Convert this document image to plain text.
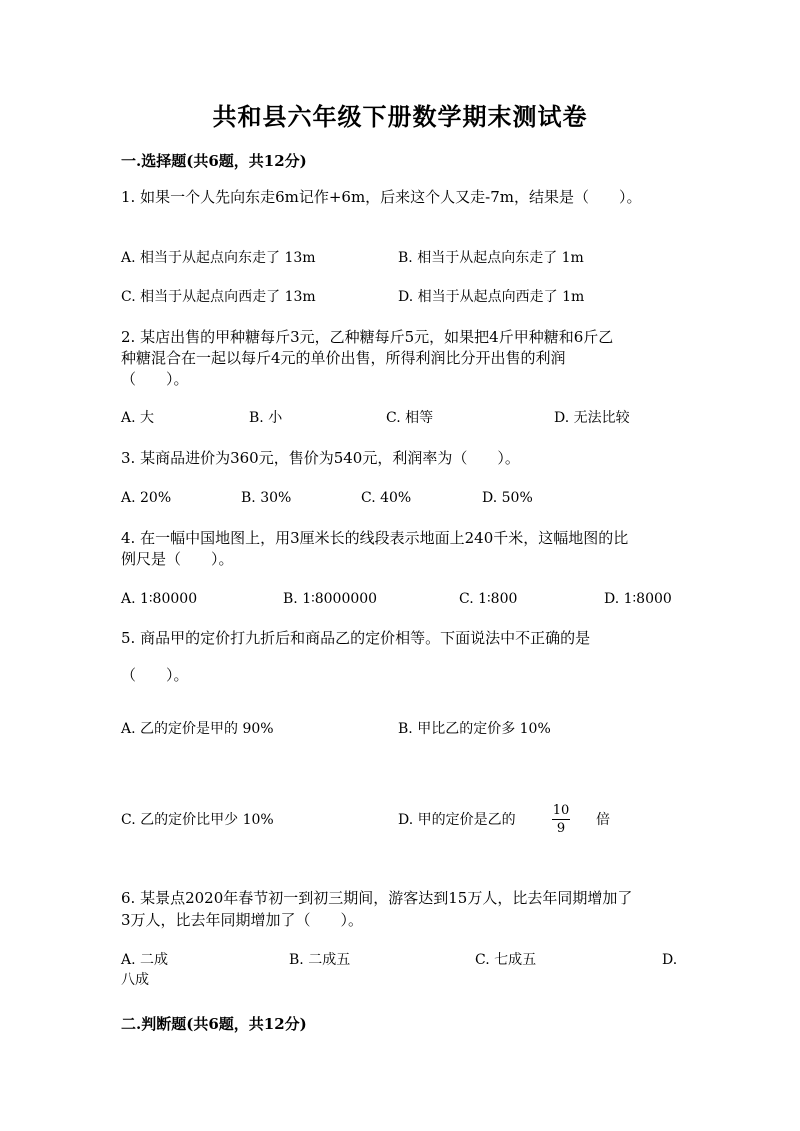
共和县六年级下册数学期末测试卷
一.选择题(共6题，共12分)
1. 如果一个人先向东走6m记作+6m，后来这个人又走-7m，结果是（　　）。
A. 相当于从起点向东走了 13m	B. 相当于从起点向东走了 1m
C. 相当于从起点向西走了 13m	D. 相当于从起点向西走了 1m
2. 某店出售的甲种糖每斤3元，乙种糖每斤5元，如果把4斤甲种糖和6斤乙
种糖混合在一起以每斤4元的单价出售，所得利润比分开出售的利润
（　　）。
A. 大	B. 小	C. 相等	D. 无法比较
3. 某商品进价为360元，售价为540元，利润率为（　　）。
A. 20%	B. 30%	C. 40%	D. 50%
4. 在一幅中国地图上，用3厘米长的线段表示地面上240千米，这幅地图的比
例尺是（　　）。
A. 1∶80000	B. 1∶8000000	C. 1∶800	D. 1∶8000
5. 商品甲的定价打九折后和商品乙的定价相等。下面说法中不正确的是
（　　）。
A. 乙的定价是甲的 90%	B. 甲比乙的定价多 10%
C. 乙的定价比甲少 10%	D. 甲的定价是乙的
10
9
倍
6. 某景点2020年春节初一到初三期间，游客达到15万人，比去年同期增加了
3万人，比去年同期增加了（　　）。
A. 二成	B. 二成五	C. 七成五	D.
八成
二.判断题(共6题，共12分)
